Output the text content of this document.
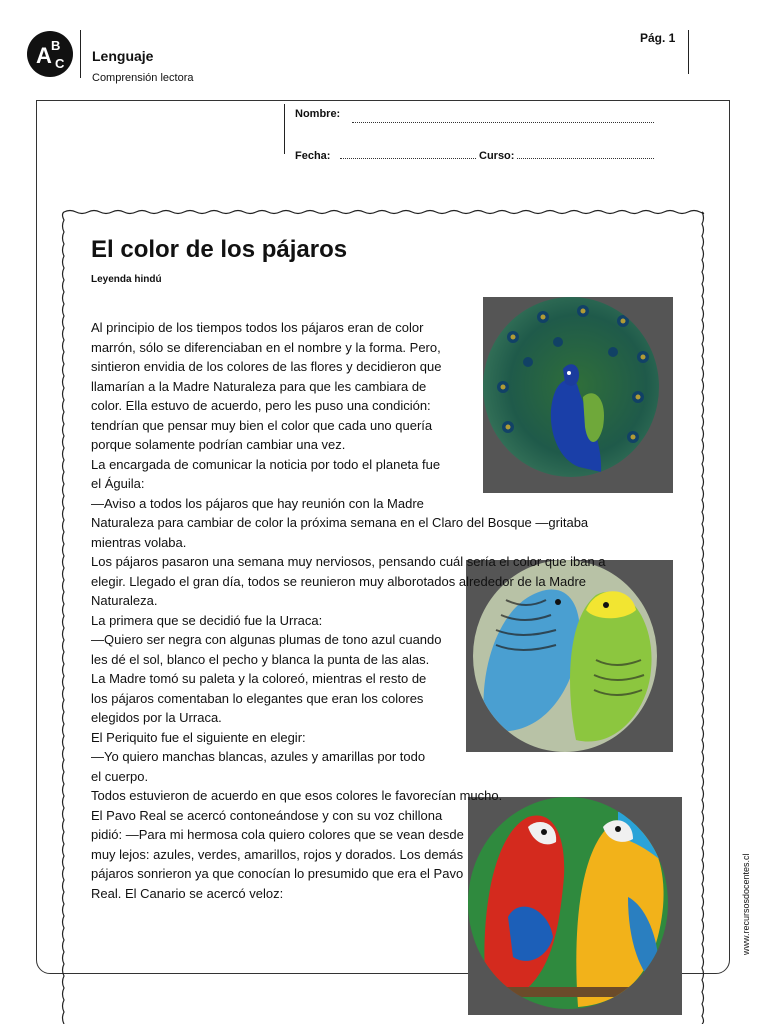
A B
C Lenguaje
Comprensión lectora
Pág. 1
Nombre:
Fecha:	Curso:
El color de los pájaros
Leyenda hindú
Al principio de los tiempos todos los pájaros eran de color
marrón, sólo se diferenciaban en el nombre y la forma. Pero,
sintieron envidia de los colores de las flores y decidieron que
llamarían a la Madre Naturaleza para que les cambiara de
color. Ella estuvo de acuerdo, pero les puso una condición:
tendrían que pensar muy bien el color que cada uno quería
porque solamente podrían cambiar una vez.
La encargada de comunicar la noticia por todo el planeta fue
el Águila:
—Aviso a todos los pájaros que hay reunión con la Madre
Naturaleza para cambiar de color la próxima semana en el Claro del Bosque —gritaba
mientras volaba.
Los pájaros pasaron una semana muy nerviosos, pensando cuál sería el color que iban a
elegir. Llegado el gran día, todos se reunieron muy alborotados alrededor de la Madre
Naturaleza.
La primera que se decidió fue la Urraca:
—Quiero ser negra con algunas plumas de tono azul cuando
les dé el sol, blanco el pecho y blanca la punta de las alas.
La Madre tomó su paleta y la coloreó, mientras el resto de
los pájaros comentaban lo elegantes que eran los colores
elegidos por la Urraca.
El Periquito fue el siguiente en elegir:
—Yo quiero manchas blancas, azules y amarillas por todo
el cuerpo.
Todos estuvieron de acuerdo en que esos colores le favorecían mucho.
El Pavo Real se acercó contoneándose y con su voz chillona
pidió: —Para mi hermosa cola quiero colores que se vean desde
muy lejos: azules, verdes, amarillos, rojos y dorados. Los demás
pájaros sonrieron ya que conocían lo presumido que era el Pavo
Real. El Canario se acercó veloz:	www.recursosdocentes.cl
